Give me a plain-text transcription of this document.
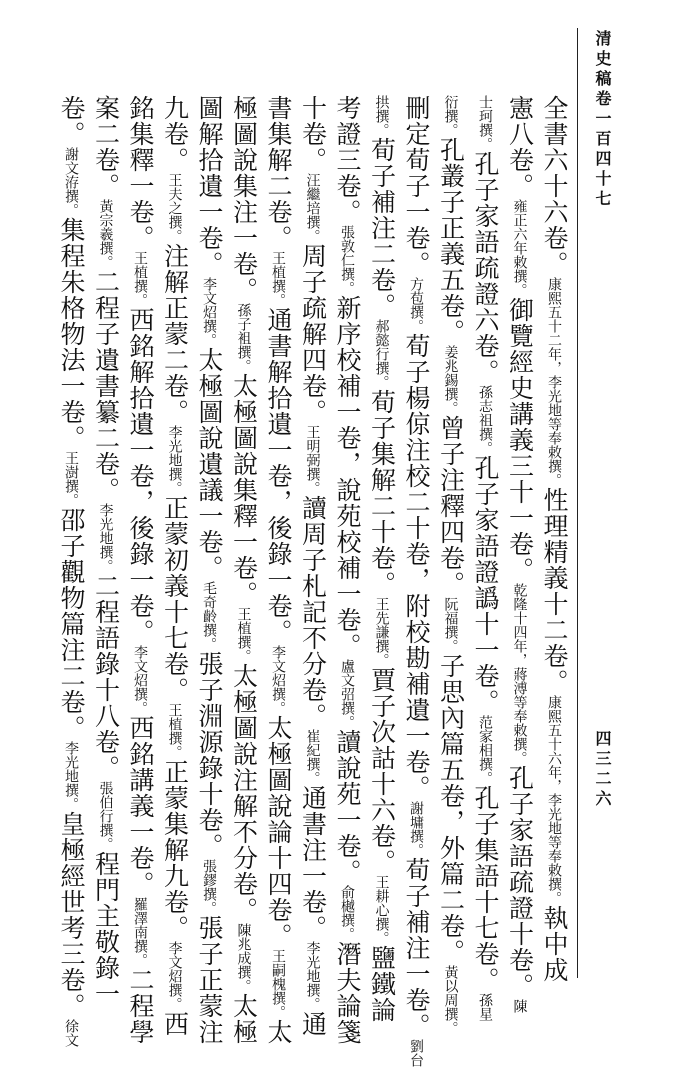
清史稿卷一百四十七
四三二六
全書六十六卷。康熙五十二年，李光地等奉敕撰。性理精義十二卷。康熙五十六年，李光地等奉敕撰。執中成
憲八卷。雍正六年敕撰。御覽經史講義三十一卷。乾隆十四年，蔣溥等奉敕撰。孔子家語疏證十卷。陳
士珂撰。孔子家語疏證六卷。孫志祖撰。孔子家語證譌十一卷。范家相撰。孔子集語十七卷。孫星
衍撰。孔叢子正義五卷。姜兆錫撰。曾子注釋四卷。阮福撰。子思內篇五卷，外篇二卷。黃以周撰。
刪定荀子一卷。方苞撰。荀子楊倞注校二十卷，附校勘補遺一卷。謝墉撰。荀子補注一卷。劉台
拱撰。荀子補注二卷。郝懿行撰。荀子集解二十卷。王先謙撰。賈子次詁十六卷。王耕心撰。鹽鐵論
考證三卷。張敦仁撰。新序校補一卷，說苑校補一卷。盧文弨撰。讀說苑一卷。俞樾撰。潛夫論箋
十卷。汪繼培撰。周子疏解四卷。王明弼撰。讀周子札記不分卷。崔紀撰。通書注一卷。李光地撰。通
書集解二卷。王植撰。通書解拾遺一卷，後錄一卷。李文炤撰。太極圖說論十四卷。王嗣槐撰。太
極圖說集注一卷。孫子袓撰。太極圖說集釋一卷。王植撰。太極圖說注解不分卷。陳兆成撰。太極
圖解拾遺一卷。李文炤撰。太極圖說遺議一卷。毛奇齡撰。張子淵源錄十卷。張鏐撰。張子正蒙注
九卷。王夫之撰。注解正蒙二卷。李光地撰。正蒙初義十七卷。王植撰。正蒙集解九卷。李文炤撰。西
銘集釋一卷。王植撰。西銘解拾遺一卷，後錄一卷。李文炤撰。西銘講義一卷。羅澤南撰。二程學
案二卷。黃宗羲撰。二程子遺書纂二卷。李光地撰。二程語錄十八卷。張伯行撰。程門主敬錄一
卷。謝文洊撰。集程朱格物法一卷。王澍撰。邵子觀物篇注二卷。李光地撰。皇極經世考三卷。徐文
